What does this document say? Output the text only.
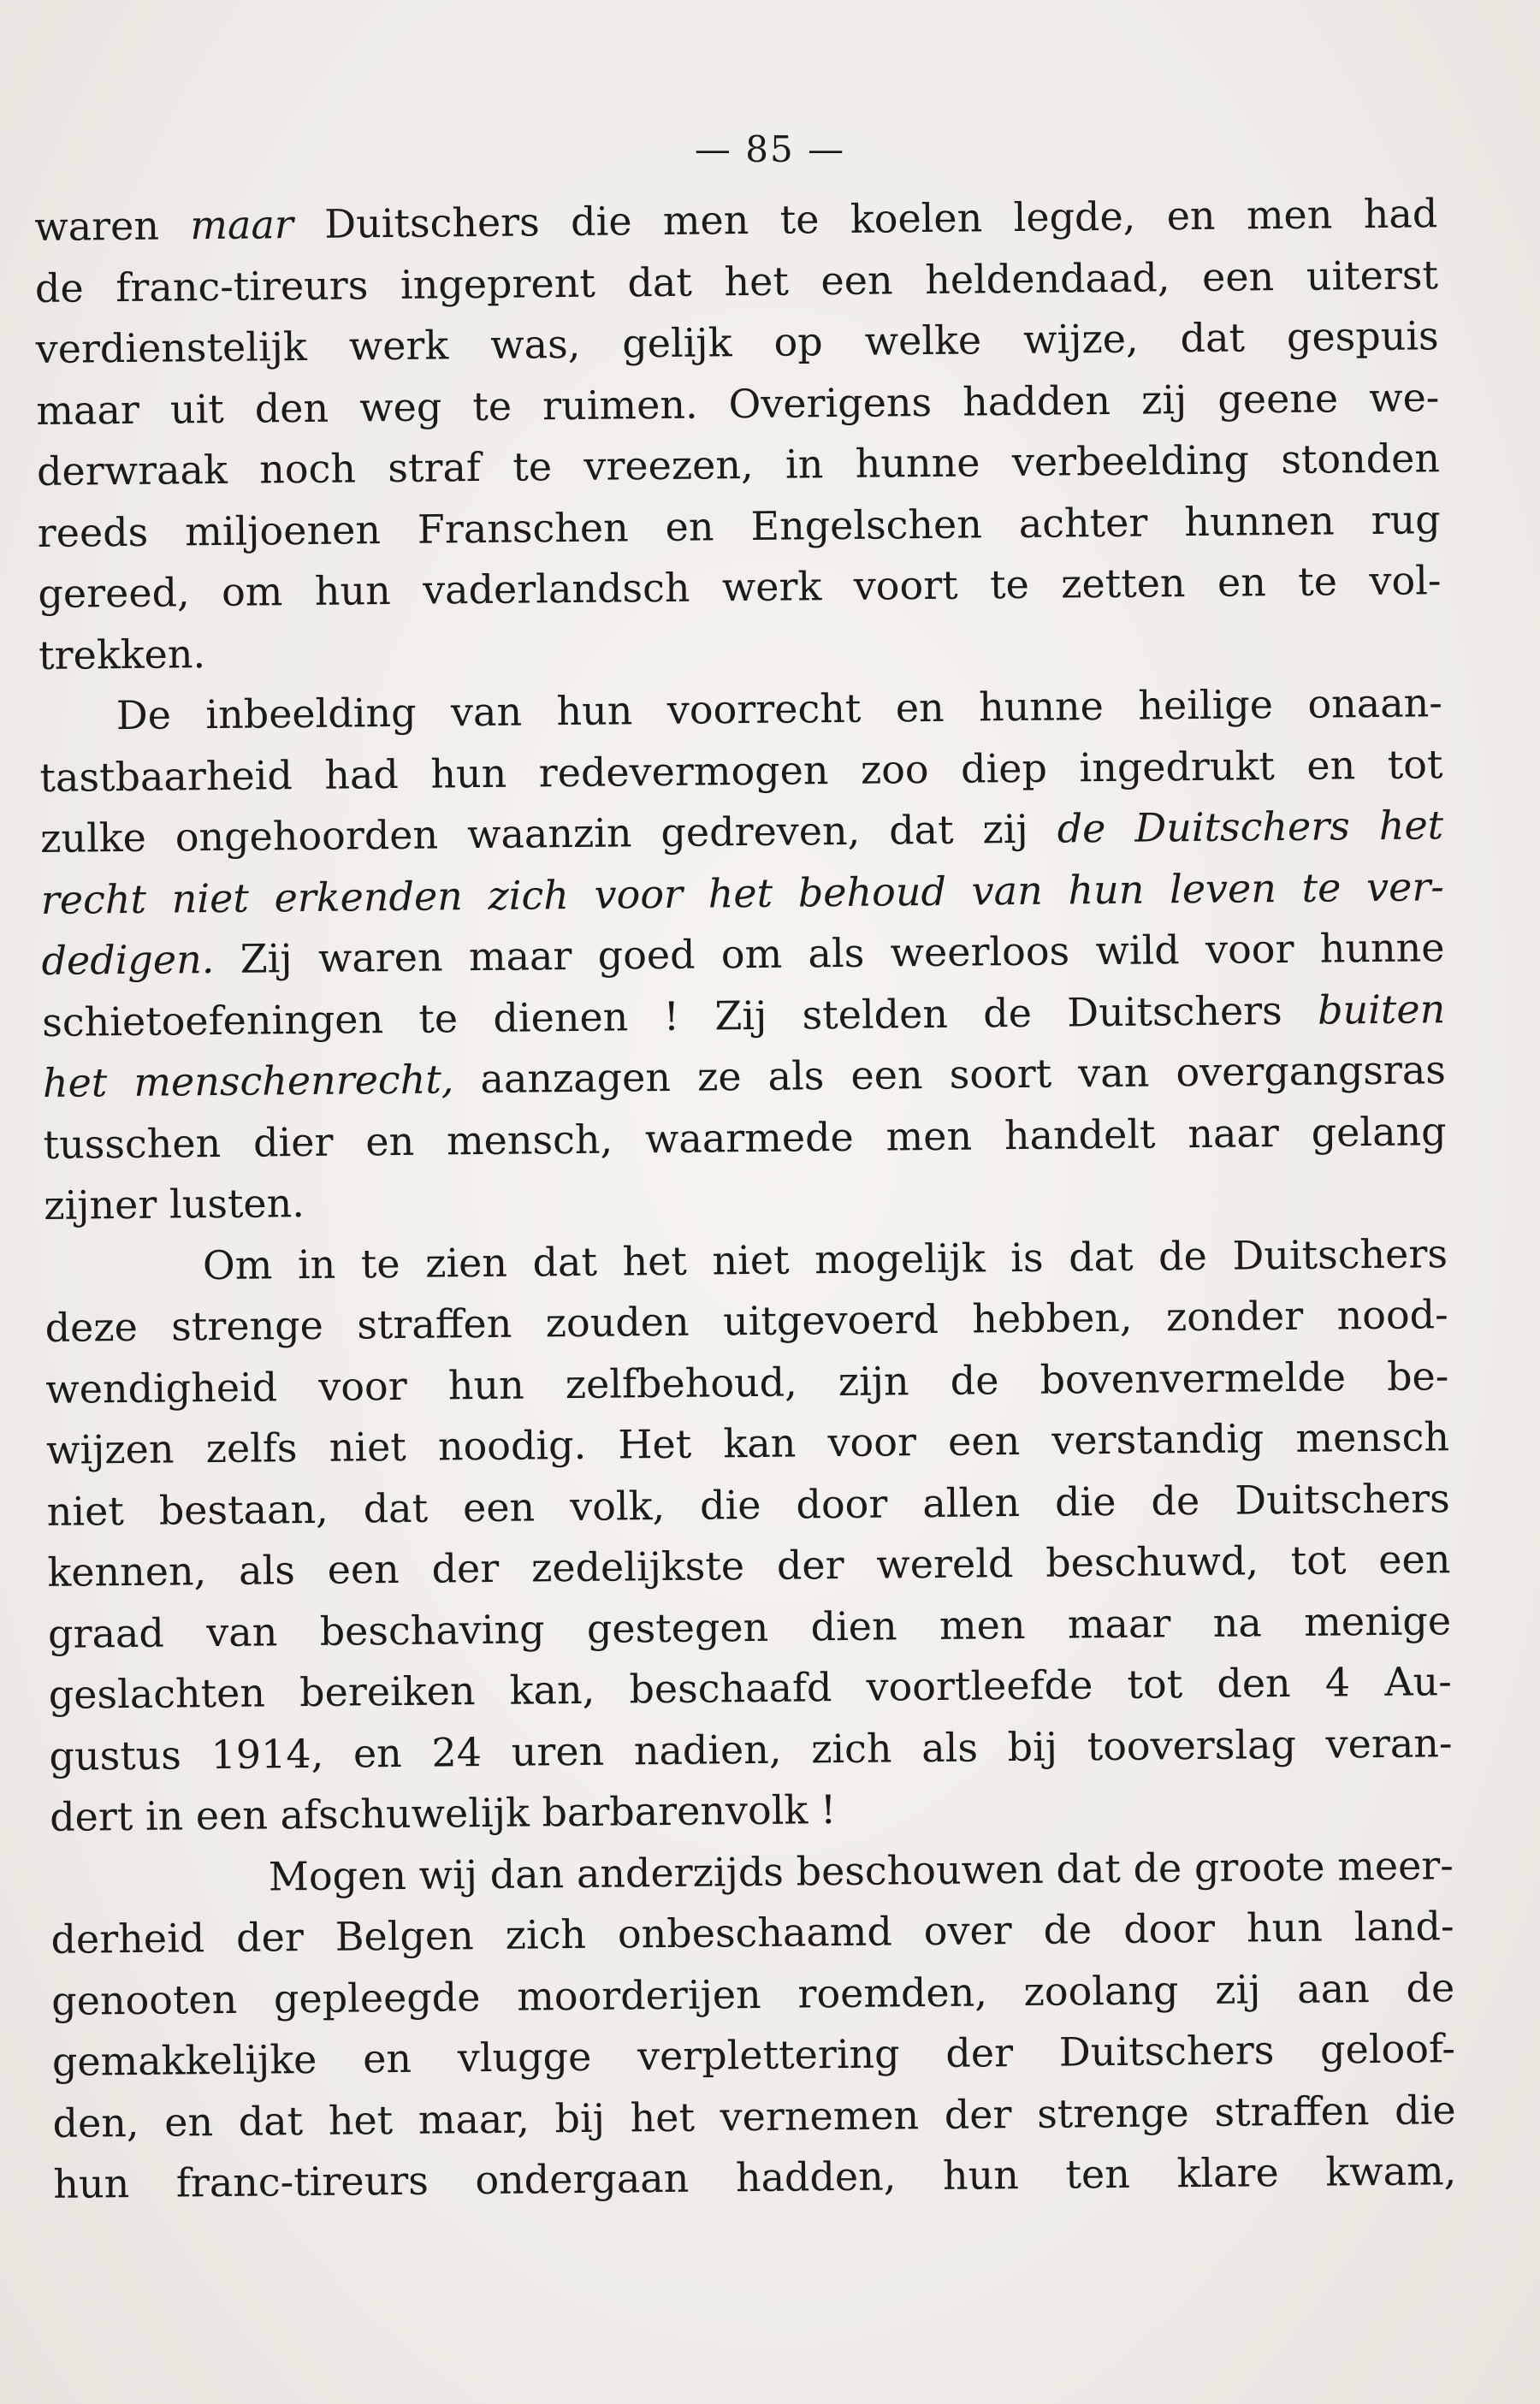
— 85 —
waren maar Duitschers die men te koelen legde, en men had
de franc-tireurs ingeprent dat het een heldendaad, een uiterst
verdienstelijk werk was, gelijk op welke wijze, dat gespuis
maar uit den weg te ruimen. Overigens hadden zij geene we-
derwraak noch straf te vreezen, in hunne verbeelding stonden
reeds miljoenen Franschen en Engelschen achter hunnen rug
gereed, om hun vaderlandsch werk voort te zetten en te vol-
trekken.
De inbeelding van hun voorrecht en hunne heilige onaan-
tastbaarheid had hun redevermogen zoo diep ingedrukt en tot
zulke ongehoorden waanzin gedreven, dat zij de Duitschers het
recht niet erkenden zich voor het behoud van hun leven te ver-
dedigen. Zij waren maar goed om als weerloos wild voor hunne
schietoefeningen te dienen ! Zij stelden de Duitschers buiten
het menschenrecht, aanzagen ze als een soort van overgangsras
tusschen dier en mensch, waarmede men handelt naar gelang
zijner lusten.
Om in te zien dat het niet mogelijk is dat de Duitschers
deze strenge straffen zouden uitgevoerd hebben, zonder nood-
wendigheid voor hun zelfbehoud, zijn de bovenvermelde be-
wijzen zelfs niet noodig. Het kan voor een verstandig mensch
niet bestaan, dat een volk, die door allen die de Duitschers
kennen, als een der zedelijkste der wereld beschuwd, tot een
graad van beschaving gestegen dien men maar na menige
geslachten bereiken kan, beschaafd voortleefde tot den 4 Au-
gustus 1914, en 24 uren nadien, zich als bij tooverslag veran-
dert in een afschuwelijk barbarenvolk !
Mogen wij dan anderzijds beschouwen dat de groote meer-
derheid der Belgen zich onbeschaamd over de door hun land-
genooten gepleegde moorderijen roemden, zoolang zij aan de
gemakkelijke en vlugge verplettering der Duitschers geloof-
den, en dat het maar, bij het vernemen der strenge straffen die
hun franc-tireurs ondergaan hadden, hun ten klare kwam,
